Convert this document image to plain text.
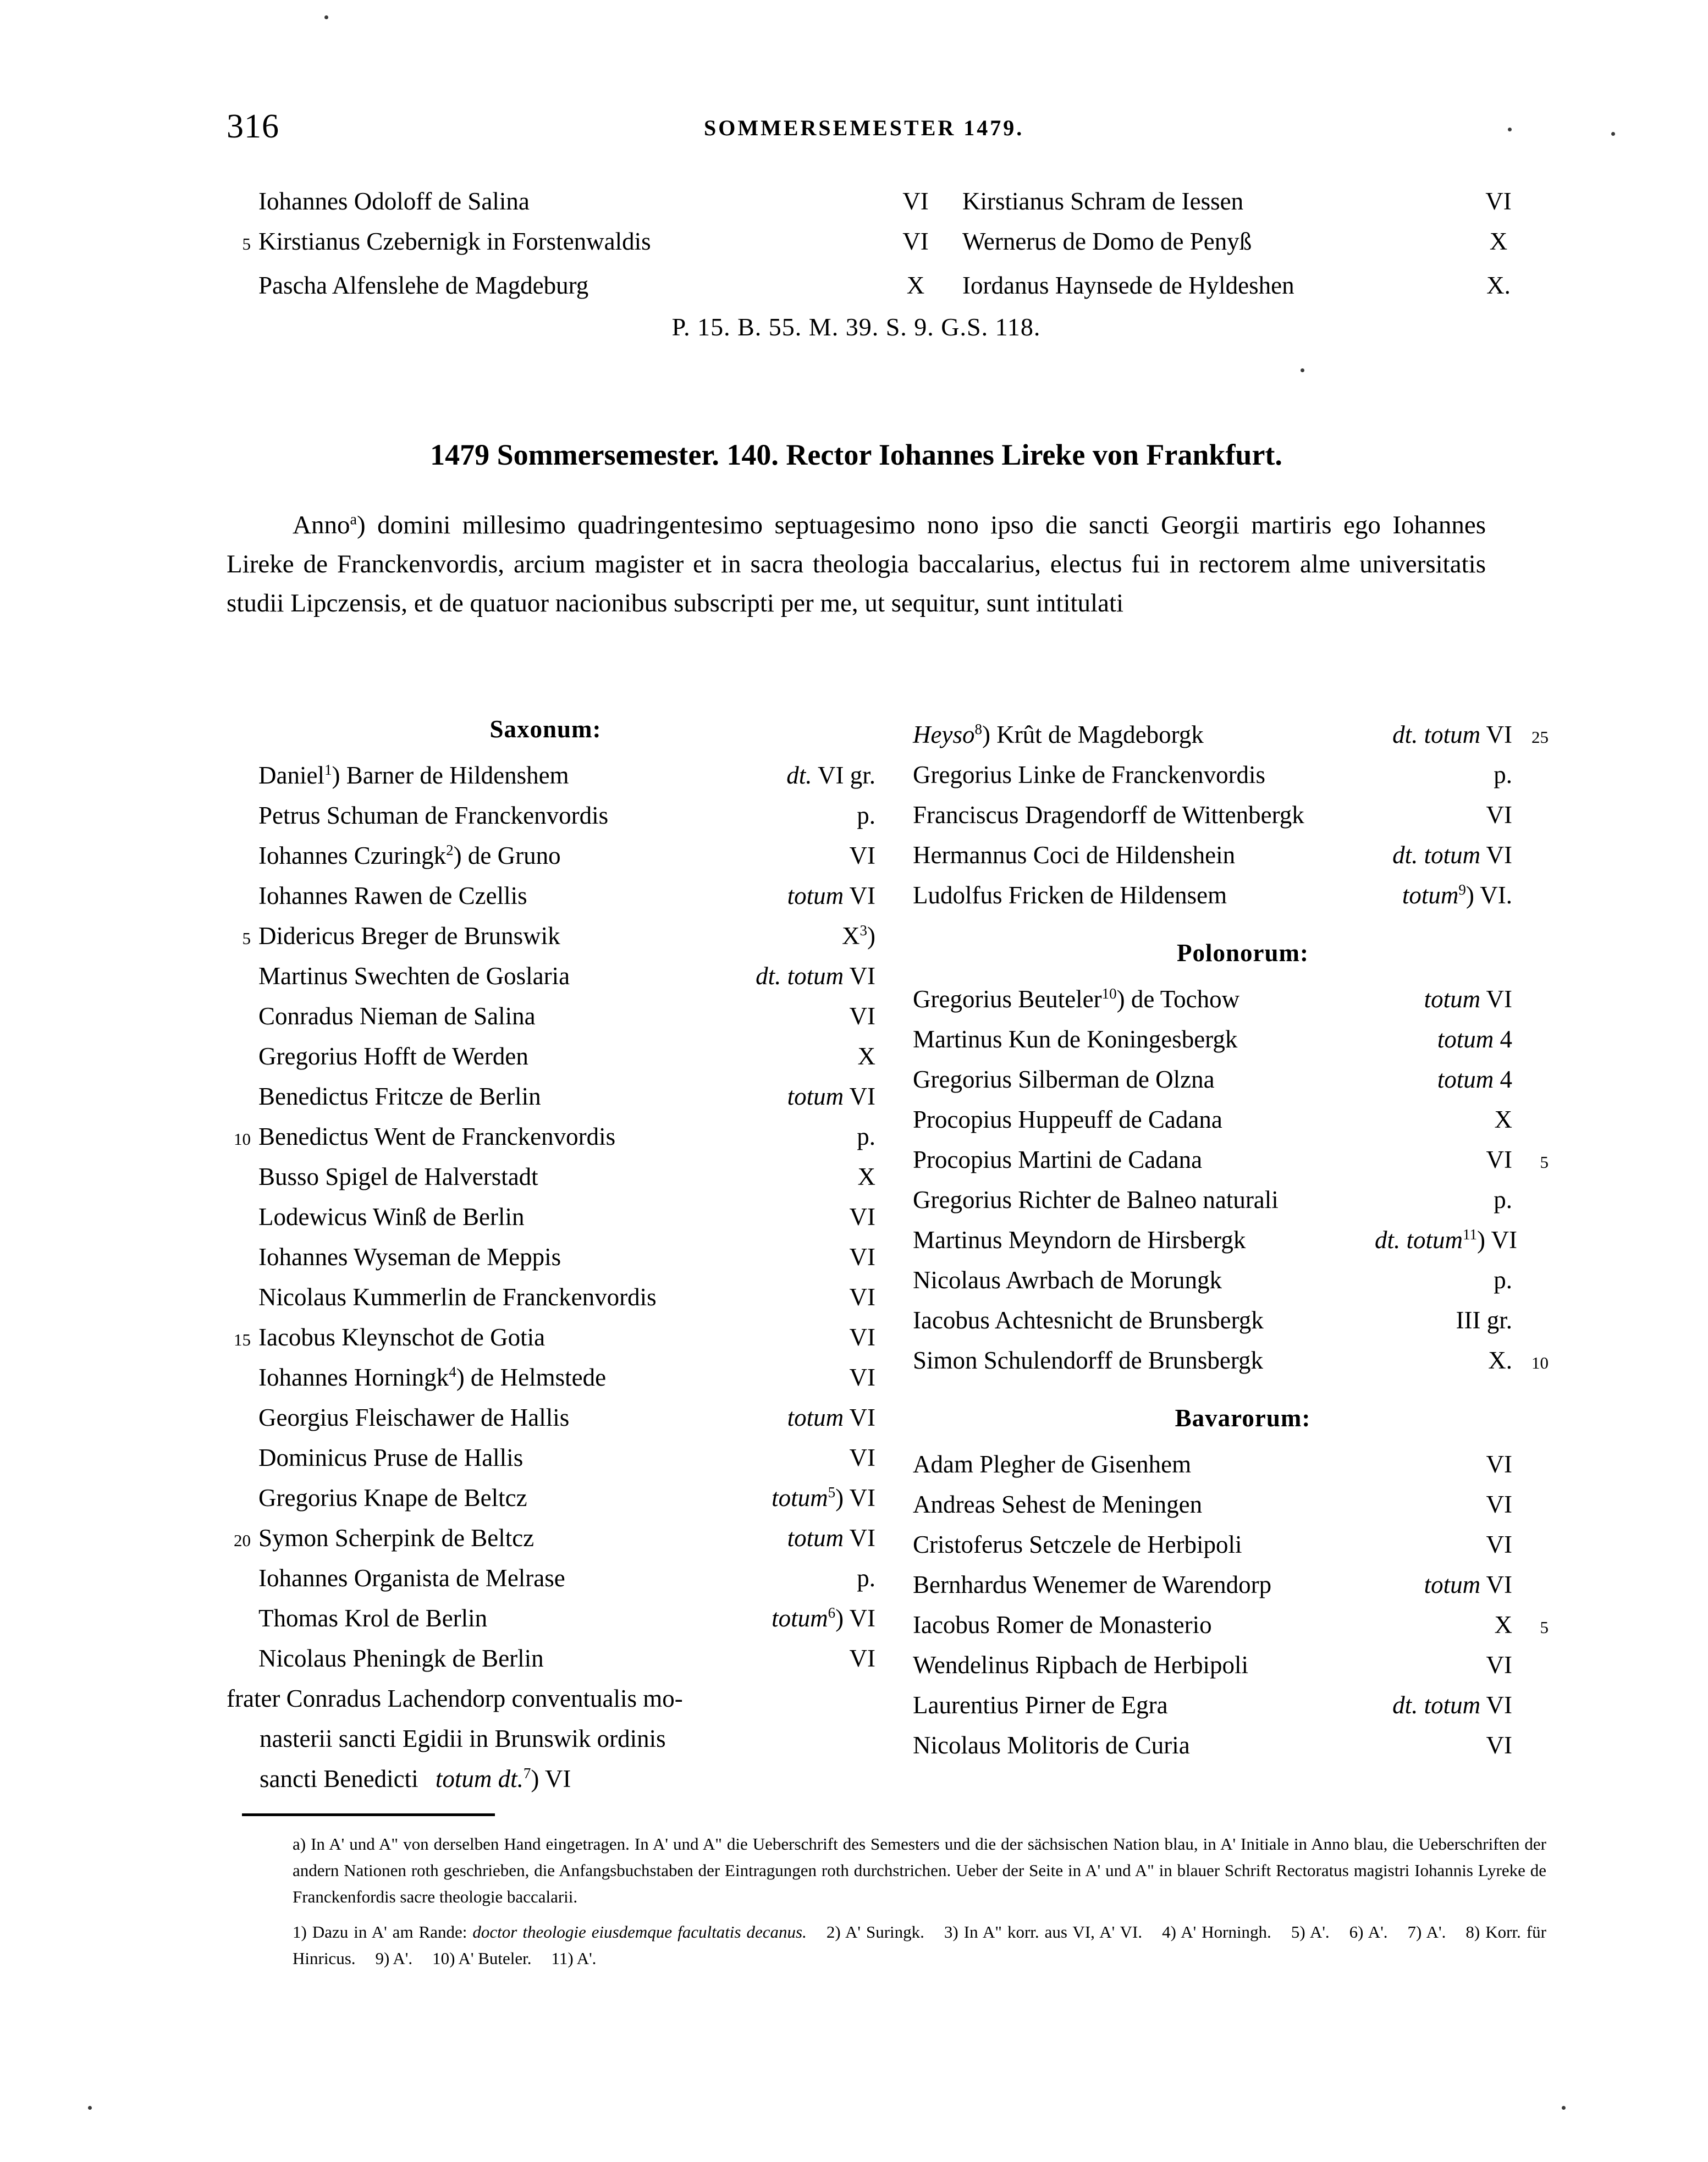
316	SOMMERSEMESTER 1479.
Iohannes Odoloff de Salina	VI	Kirstianus Schram de Iessen	VI
5 Kirstianus Czebernigk in Forstenwaldis	VI	Wernerus de Domo de Penyß	X
Pascha Alfenslehe de Magdeburg	X	Iordanus Haynsede de Hyldeshen	X.
P. 15. B. 55. M. 39. S. 9. G.S. 118.
1479 Sommersemester. 140. Rector Iohannes Lireke von Frankfurt.
Anno$^a$) domini millesimo quadringentesimo septuagesimo nono ipso die sancti Georgii martiris ego Iohannes Lireke de Franckenvordis, arcium magister et in sacra theologia baccalarius, electus fui in rectorem alme universitatis studii Lipczensis, et de quatuor nacionibus subscripti per me, ut sequitur, sunt intitulati
Saxonum:
Daniel$^1$) Barner de Hildenshem	dt. VI gr.
Petrus Schuman de Franckenvordis	p.
Iohannes Czuringk$^2$) de Gruno	VI
Iohannes Rawen de Czellis	totum VI
5 Didericus Breger de Brunswik	$X^3$)
Martinus Swechten de Goslaria	dt. totum VI
Conradus Nieman de Salina	VI
Gregorius Hofft de Werden	X
Benedictus Fritcze de Berlin	totum VI
10 Benedictus Went de Franckenvordis	p.
Busso Spigel de Halverstadt	X
Lodewicus Winß de Berlin	VI
Iohannes Wyseman de Meppis	VI
Nicolaus Kummerlin de Franckenvordis	VI
15 Iacobus Kleynschot de Gotia	VI
Iohannes Horningk$^4$) de Helmstede	VI
Georgius Fleischawer de Hallis	totum VI
Dominicus Pruse de Hallis	VI
Gregorius Knape de Beltcz	totum$^5$) VI
20 Symon Scherpink de Beltcz	totum VI
Iohannes Organista de Melrase	p.
Thomas Krol de Berlin	totum$^6$) VI
Nicolaus Pheningk de Berlin	VI
frater Conradus Lachendorp conventualis mo-
nasterii sancti Egidii in Brunswik ordinis
sancti Benedicti totum dt.$^7$) VI
Heyso$^8$) Krût de Magdeborgk	dt. totum VI	25
Gregorius Linke de Franckenvordis	p.
Franciscus Dragendorff de Wittenbergk	VI
Hermannus Coci de Hildenshein	dt. totum VI
Ludolfus Fricken de Hildensem	totum$^9$) VI.
Polonorum:
Gregorius Beuteler$^{10}$) de Tochow	totum VI
Martinus Kun de Koningesbergk	totum 4
Gregorius Silberman de Olzna	totum 4
Procopius Huppeuff de Cadana	X
Procopius Martini de Cadana	VI	5
Gregorius Richter de Balneo naturali	p.
Martinus Meyndorn de Hirsbergk	dt. totum$^{11}$) VI
Nicolaus Awrbach de Morungk	p.
Iacobus Achtesnicht de Brunsbergk	III gr.
Simon Schulendorff de Brunsbergk	X.	10
Bavarorum:
Adam Plegher de Gisenhem	VI
Andreas Sehest de Meningen	VI
Cristoferus Setczele de Herbipoli	VI
Bernhardus Wenemer de Warendorp	totum VI
Iacobus Romer de Monasterio	X	5
Wendelinus Ripbach de Herbipoli	VI
Laurentius Pirner de Egra	dt. totum VI
Nicolaus Molitoris de Curia	VI

a) In A' und A" von derselben Hand eingetragen. In A' und A" die Ueberschrift des Semesters und die der sächsischen Nation blau, in A' Initiale in Anno blau, die Ueberschriften der andern Nationen roth geschrieben, die Anfangsbuchstaben der Eintragungen roth durchstrichen. Ueber der Seite in A' und A" in blauer Schrift Rectoratus magistri Iohannis Lyreke de Franckenfordis sacre theologie baccalarii.

1) Dazu in A' am Rande: doctor theologie eiusdemque facultatis decanus. 2) A' Suringk. 3) In A" korr. aus VI, A' VI. 4) A' Horningh. 5) A'. 6) A'. 7) A'. 8) Korr. für Hinricus. 9) A'. 10) A' Buteler. 11) A'.
